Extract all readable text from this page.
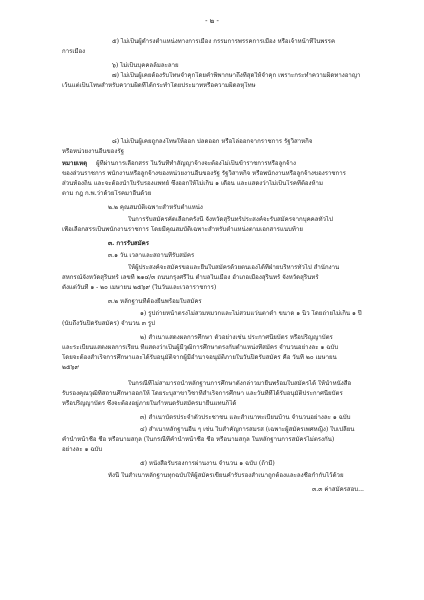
- ๒ -
๕) ไม่เป็นผู้ดำรงตำแหน่งทางการเมือง กรรมการพรรคการเมือง หรือเจ้าหน้าที่ในพรรค
การเมือง
๖) ไม่เป็นบุคคลล้มละลาย
๗) ไม่เป็นผู้เคยต้องรับโทษจำคุกโดยคำพิพากษาถึงที่สุดให้จำคุก เพราะกระทำความผิดทางอาญา
เว้นแต่เป็นโทษสำหรับความผิดที่ได้กระทำโดยประมาทหรือความผิดลหุโทษ
๘) ไม่เป็นผู้เคยถูกลงโทษให้ออก ปลดออก หรือไล่ออกจากราชการ รัฐวิสาหกิจ
หรือหน่วยงานอื่นของรัฐ
หมายเหตุ	ผู้ที่ผ่านการเลือกสรร ในวันที่ทำสัญญาจ้างจะต้องไม่เป็นข้าราชการหรือลูกจ้าง
ของส่วนราชการ พนักงานหรือลูกจ้างของหน่วยงานอื่นของรัฐ รัฐวิสาหกิจ หรือพนักงานหรือลูกจ้างของราชการ
ส่วนท้องถิ่น และจะต้องนำใบรับรองแพทย์ ซึ่งออกให้ไม่เกิน ๑ เดือน และแสดงว่าไม่เป็นโรคที่ต้องห้าม
ตาม กฎ ก.พ.ว่าด้วยโรคมาอื่นด้วย
๒.๒ คุณสมบัติเฉพาะสำหรับตำแหน่ง
ในการรับสมัครคัดเลือกครั้งนี้ จังหวัดสุรินทร์ประสงค์จะรับสมัครจากบุคคลทั่วไป
เพื่อเลือกสรรเป็นพนักงานราชการ โดยมีคุณสมบัติเฉพาะสำหรับตำแหน่งตามเอกสารแนบท้าย
๓. การรับสมัคร
๓.๑ วัน เวลาและสถานที่รับสมัคร
ให้ผู้ประสงค์จะสมัครขอและยื่นใบสมัครด้วยตนเองได้ที่ฝ่ายบริหารทั่วไป สำนักงาน
สหกรณ์จังหวัดสุรินทร์ เลขที่ ๒๑๔/๓ ถนนกรุงศรีใน ตำบลในเมือง อำเภอเมืองสุรินทร์ จังหวัดสุรินทร์
ตั้งแต่วันที่ ๑ - ๒๐ เมษายน ๒๕๖๙ (ในวันและเวลาราชการ)
๓.๒ หลักฐานที่ต้องยื่นพร้อมใบสมัคร
๑) รูปถ่ายหน้าตรงไม่สวมหมวกและไม่สวมแว่นตาดำ ขนาด ๑ นิ้ว โดยถ่ายไม่เกิน ๑ ปี
(นับถึงวันปิดรับสมัคร) จำนวน ๓ รูป
๒) สำเนาแสดงผลการศึกษา ตัวอย่างเช่น ประกาศนียบัตร หรือปริญญาบัตร
และระเบียนแสดงผลการเรียน ที่แสดงว่าเป็นผู้มีวุฒิการศึกษาตรงกับตำแหน่งที่สมัคร จำนวนอย่างละ ๑ ฉบับ
โดยจะต้องสำเร็จการศึกษาและได้รับอนุมัติจากผู้มีอำนาจอนุมัติภายในวันปิดรับสมัคร คือ วันที่ ๒๐ เมษายน
๒๕๖๙
ในกรณีที่ไม่สามารถนำหลักฐานการศึกษาดังกล่าวมายื่นพร้อมใบสมัครได้ ให้นำหนังสือ
รับรองคุณวุฒิที่สถานศึกษาออกให้ โดยระบุสาขาวิชาที่สำเร็จการศึกษา และวันที่ที่ได้รับอนุมัติประกาศนียบัตร
หรือปริญญาบัตร ซึ่งจะต้องอยู่ภายในกำหนดรับสมัครมายื่นแทนก็ได้
๓) สำเนาบัตรประจำตัวประชาชน และสำเนาทะเบียนบ้าน จำนวนอย่างละ ๑ ฉบับ
๔) สำเนาหลักฐานอื่น ๆ เช่น ใบสำคัญการสมรส (เฉพาะผู้สมัครเพศหญิง) ใบเปลี่ยน
คำนำหน้าชื่อ ชื่อ หรือนามสกุล (ในกรณีที่คำนำหน้าชื่อ ชื่อ หรือนามสกุล ในหลักฐานการสมัครไม่ตรงกัน)
อย่างละ ๑ ฉบับ
๕) หนังสือรับรองการผ่านงาน จำนวน ๑ ฉบับ (ถ้ามี)
ทั้งนี้ ในสำเนาหลักฐานทุกฉบับให้ผู้สมัครเขียนคำรับรองสำเนาถูกต้องและลงชื่อกำกับไว้ด้วย
๓.๓ ค่าสมัครสอบ...
